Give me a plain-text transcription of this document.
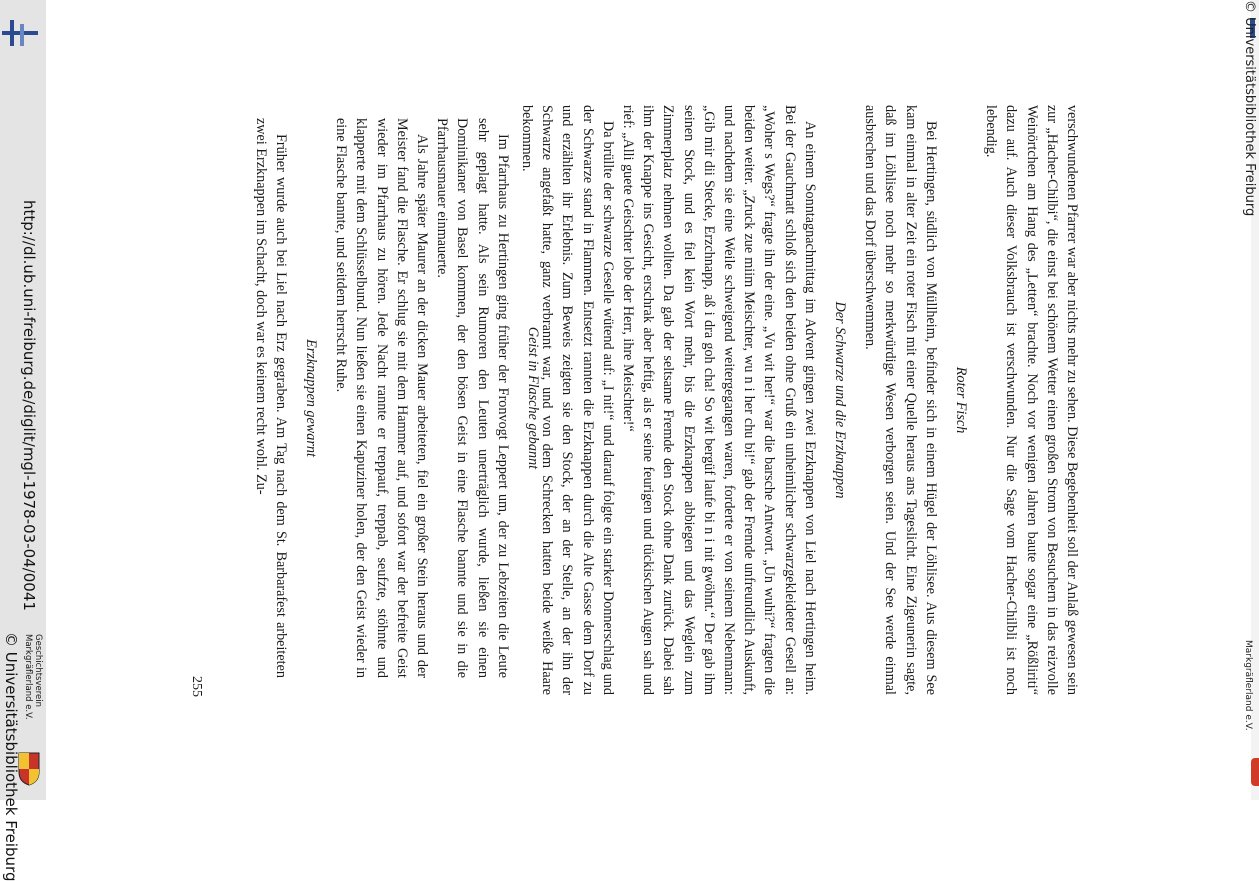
http://dl.ub.uni-freiburg.de/diglit/mgl-1978-03-04/0041
© Universitätsbibliothek Freiburg Geschichtsverein
Markgräflerland e.V.
© Universitätsbibliothek Freiburg
Markgräflerland e.V.

verschwundenen Pfarrer war aber nichts mehr zu sehen. Diese Begebenheit soll der Anlaß gewesen sein zur „Hacher-Chilbi“, die einst bei schönem Wetter einen großen Strom von Besuchern in das reizvolle Weinörtchen am Hang des „Letten“ brachte. Noch vor wenigen Jahren baute sogar eine „Rößliriti“ dazu auf. Auch dieser Volksbrauch ist verschwunden. Nur die Sage vom Hacher-Chilbli ist noch lebendig.

Roter Fisch

Bei Hertingen, südlich von Müllheim, befinder sich in einem Hügel der Löhlisee. Aus diesem See kam einmal in alter Zeit ein roter Fisch mit einer Quelle heraus ans Tageslicht. Eine Zigeunerin sagte, daß im Löhlisee noch mehr so merkwürdige Wesen verborgen seien. Und der See werde einmal ausbrechen und das Dorf überschwemmen.

Der Schwarze und die Erzknappen

An einem Sonntagnachmittag im Advent gingen zwei Erzknappen von Liel nach Hertingen heim. Bei der Gauchmatt schloß sich den beiden ohne Gruß ein unheimlicher schwarzgekleideter Gesell an: „Woher s Wegs?“ fragte ihn der eine. „Vu wit her!“ war die barsche Antwort. „Un wuhi?“ fragten die beiden weiter. „Zruck zue miim Meischter, wu n i her chu bi!“ gab der Fremde unfreundlich Auskunft, und nachdem sie eine Weile schweigend weitergegangen waren, forderte er von seinem Nebenmann: „Gib mir dii Stecke, Erzchnapp, aß i dra goh cha! So wit bergüf laufe bi n i nit gwöhnt.“ Der gab ihm seinen Stock, und es fiel kein Wort mehr, bis die Erzknappen abbiegen und das Weglein zum Zimmerplatz nehmen wollten. Da gab der seltsame Fremde den Stock ohne Dank zurück. Dabei sah ihm der Knappe ins Gesicht, erschrak aber heftig, als er seine feurigen und tückischen Augen sah und rief: „Alli guete Geischter lobe der Herr, ihre Meischter!“

Da brüllte der schwarze Geselle wütend auf: „I nit!“ und darauf folgte ein starker Donnerschlag und der Schwarze stand in Flammen. Entsetzt rannten die Erzknappen durch die Alte Gasse dem Dorf zu und erzählten ihr Erlebnis. Zum Beweis zeigten sie den Stock, der an der Stelle, an der ihn der Schwarze angefaßt hatte, ganz verbrannt war, und von dem Schrecken hatten beide weiße Haare bekommen.

Geist in Flasche gebannt

Im Pfarrhaus zu Hertingen ging früher der Fronvogt Leppert um, der zu Lebzeiten die Leute sehr geplagt hatte. Als sein Rumoren den Leuten unerträglich wurde, ließen sie einen Dominikaner von Basel kommen, der den bösen Geist in eine Flasche bannte und sie in die Pfarrhausmauer einmauerte.

Als Jahre später Maurer an der dicken Mauer arbeiteten, fiel ein großer Stein heraus und der Meister fand die Flasche. Er schlug sie mit dem Hammer auf, und sofort war der befreite Geist wieder im Pfarrhaus zu hören. Jede Nacht rannte er treppauf, treppab, seufzte, stöhnte und klapperte mit dem Schlüsselbund. Nun ließen sie einen Kapuziner holen, der den Geist wieder in eine Flasche bannte, und seitdem herrscht Ruhe.

Erzknappen gewarnt

Früher wurde auch bei Liel nach Erz gegraben. Am Tag nach dem St. Barbarafest arbeiteten zwei Erzknappen im Schacht, doch war es keinem recht wohl. Zu-

255
